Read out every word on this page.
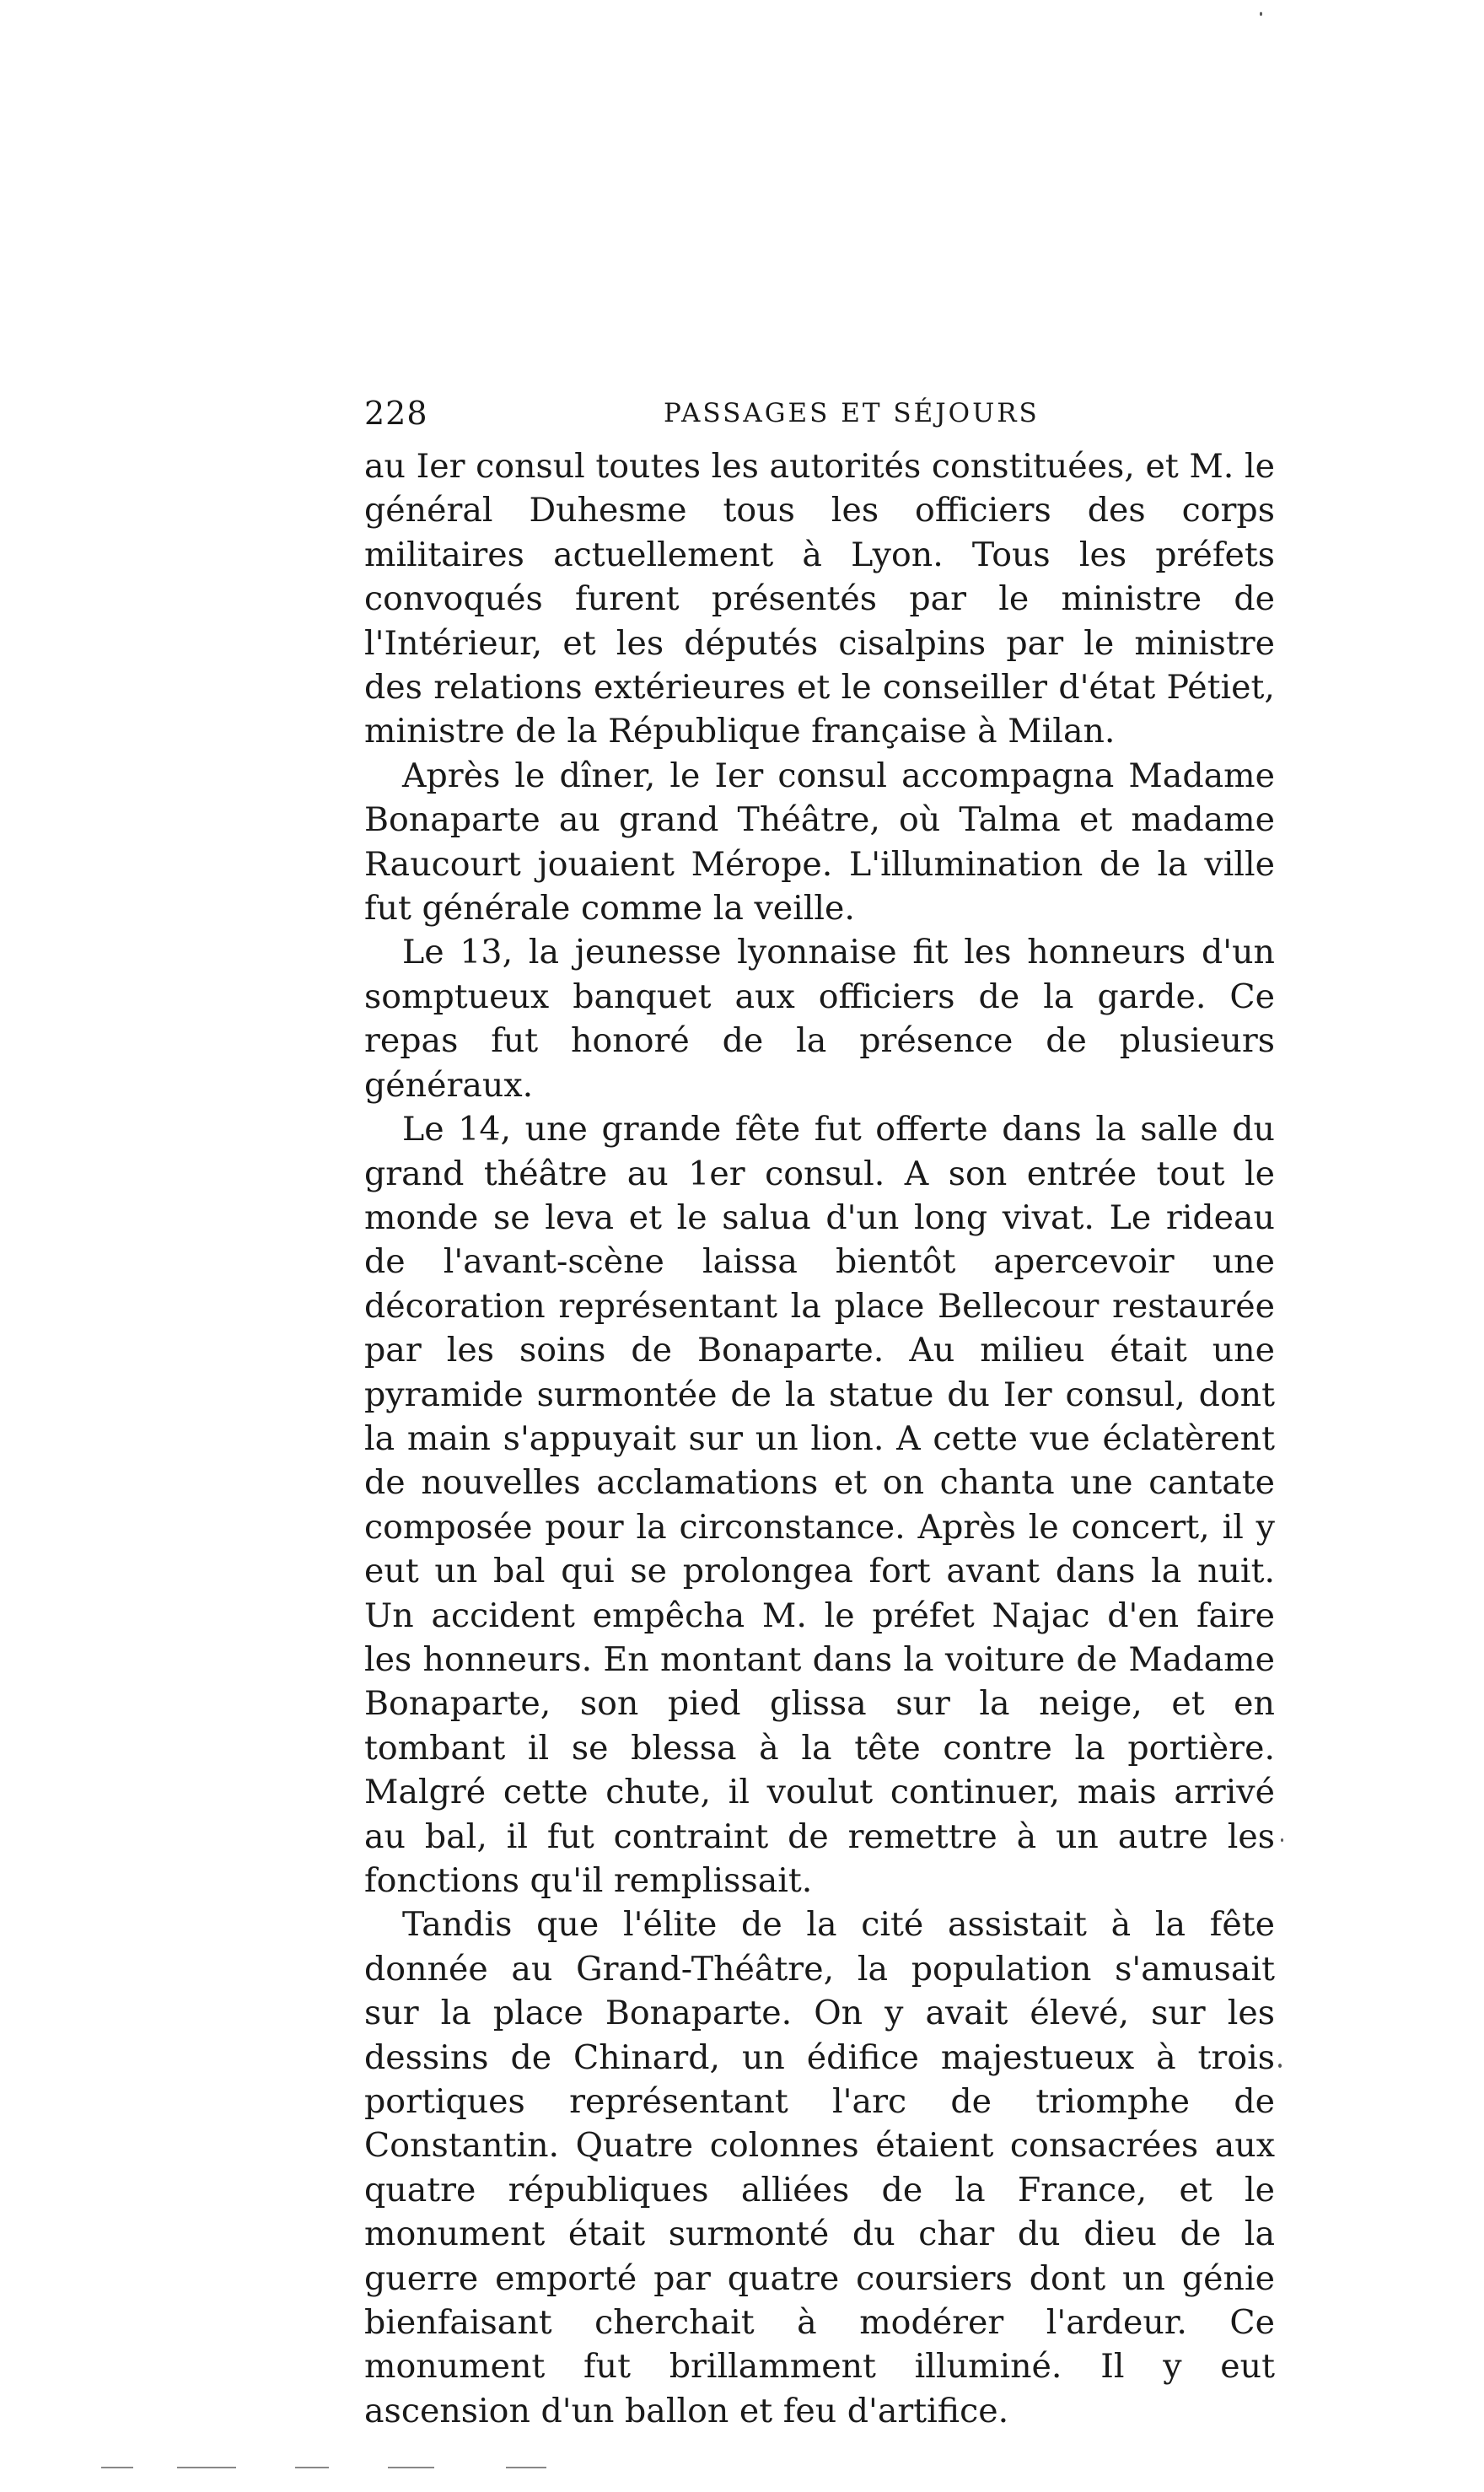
228	PASSAGES ET SÉJOURS

au Ier consul toutes les autorités constituées, et M. le général Duhesme tous les officiers des corps militaires actuellement à Lyon. Tous les préfets convoqués furent présentés par le ministre de l'Intérieur, et les députés cisalpins par le ministre des relations extérieures et le conseiller d'état Pétiet, ministre de la République française à Milan.

Après le dîner, le Ier consul accompagna Madame Bonaparte au grand Théâtre, où Talma et madame Raucourt jouaient Mérope. L'illumination de la ville fut générale comme la veille.

Le 13, la jeunesse lyonnaise fit les honneurs d'un somptueux banquet aux officiers de la garde. Ce repas fut honoré de la présence de plusieurs généraux.

Le 14, une grande fête fut offerte dans la salle du grand théâtre au 1er consul. A son entrée tout le monde se leva et le salua d'un long vivat. Le rideau de l'avant-scène laissa bientôt apercevoir une décoration représentant la place Bellecour restaurée par les soins de Bonaparte. Au milieu était une pyramide surmontée de la statue du Ier consul, dont la main s'appuyait sur un lion. A cette vue éclatèrent de nouvelles acclamations et on chanta une cantate composée pour la circonstance. Après le concert, il y eut un bal qui se prolongea fort avant dans la nuit. Un accident empêcha M. le préfet Najac d'en faire les honneurs. En montant dans la voiture de Madame Bonaparte, son pied glissa sur la neige, et en tombant il se blessa à la tête contre la portière. Malgré cette chute, il voulut continuer, mais arrivé au bal, il fut contraint de remettre à un autre les fonctions qu'il remplissait.

Tandis que l'élite de la cité assistait à la fête donnée au Grand-Théâtre, la population s'amusait sur la place Bonaparte. On y avait élevé, sur les dessins de Chinard, un édifice majestueux à trois portiques représentant l'arc de triomphe de Constantin. Quatre colonnes étaient consacrées aux quatre républiques alliées de la France, et le monument était surmonté du char du dieu de la guerre emporté par quatre coursiers dont un génie bienfaisant cherchait à modérer l'ardeur. Ce monument fut brillamment illuminé. Il y eut ascension d'un ballon et feu d'artifice.
